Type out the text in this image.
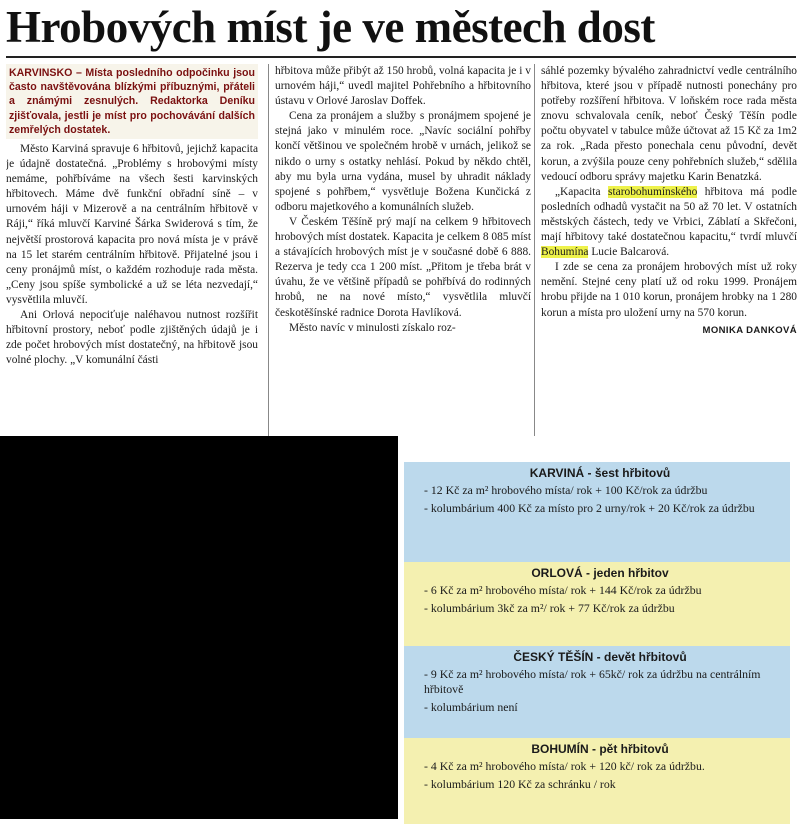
Hrobových míst je ve městech dost

KARVINSKO – Místa posledního odpočinku jsou často navštěvována blízkými příbuznými, přáteli a známými zesnulých. Redaktorka Deníku zjišťovala, jestli je míst pro pochovávání dalších zemřelých dostatek.

Město Karviná spravuje 6 hřbitovů, jejichž kapacita je údajně dostatečná. „Problémy s hrobovými místy nemáme, pohřbíváme na všech šesti karvinských hřbitovech. Máme dvě funkční obřadní síně – v urnovém háji v Mizerově a na centrálním hřbitově v Ráji,“ říká mluvčí Karviné Šárka Swiderová s tím, že největší prostorová kapacita pro nová místa je v právě na 15 let starém centrálním hřbitově. Přijatelné jsou i ceny pronájmů míst, o každém rozhoduje rada města. „Ceny jsou spíše symbolické a už se léta nezvedají,“ vysvětlila mluvčí.

Ani Orlová nepociťuje naléhavou nutnost rozšířit hřbitovní prostory, neboť podle zjištěných údajů je i zde počet hrobových míst dostatečný, na hřbitově jsou volné plochy. „V komunální části

hřbitova může přibýt až 150 hrobů, volná kapacita je i v urnovém háji,“ uvedl majitel Pohřebního a hřbitovního ústavu v Orlové Jaroslav Doffek.

Cena za pronájem a služby s pronájmem spojené je stejná jako v minulém roce. „Navíc sociální pohřby končí většinou ve společném hrobě v urnách, jelikož se nikdo o urny s ostatky nehlásí. Pokud by někdo chtěl, aby mu byla urna vydána, musel by uhradit náklady spojené s pohřbem,“ vysvětluje Božena Kunčická z odboru majetkového a komunálních služeb.

V Českém Těšíně prý mají na celkem 9 hřbitovech hrobových míst dostatek. Kapacita je celkem 8 085 míst a stávajících hrobových míst je v současné době 6 888. Rezerva je tedy cca 1 200 míst. „Přitom je třeba brát v úvahu, že ve většině případů se pohřbívá do rodinných hrobů, ne na nové místo,“ vysvětlila mluvčí českotěšínské radnice Dorota Havlíková.

Město navíc v minulosti získalo roz-

sáhlé pozemky bývalého zahradnictví vedle centrálního hřbitova, které jsou v případě nutnosti ponechány pro potřeby rozšíření hřbitova. V loňském roce rada města znovu schvalovala ceník, neboť Český Těšín podle počtu obyvatel v tabulce může účtovat až 15 Kč za 1m2 za rok. „Rada přesto ponechala cenu původní, devět korun, a zvýšila pouze ceny pohřebních služeb,“ sdělila vedoucí odboru správy majetku Karin Benatzká.

„Kapacita starobohumínského hřbitova má podle posledních odhadů vystačit na 50 až 70 let. V ostatních městských částech, tedy ve Vrbici, Záblatí a Skřečoni, mají hřbitovy také dostatečnou kapacitu,“ tvrdí mluvčí Bohumína Lucie Balcarová.

I zde se cena za pronájem hrobových míst už roky nemění. Stejné ceny platí už od roku 1999. Pronájem hrobu přijde na 1 010 korun, pronájem hrobky na 1 280 korun a místa pro uložení urny na 570 korun.

MONIKA DANKOVÁ
KARVINÁ - šest hřbitovů
- 12 Kč za m² hrobového místa/ rok + 100 Kč/rok za údržbu
- kolumbárium 400 Kč za místo pro 2 urny/rok + 20 Kč/rok za údržbu
ORLOVÁ - jeden hřbitov
- 6 Kč za m² hrobového místa/ rok + 144 Kč/rok za údržbu
- kolumbárium 3kč za m²/ rok + 77 Kč/rok za údržbu
ČESKÝ TĚŠÍN - devět hřbitovů
- 9 Kč za m² hrobového místa/ rok + 65kč/ rok za údržbu na centrálním hřbitově
- kolumbárium není
BOHUMÍN - pět hřbitovů
- 4 Kč za m² hrobového místa/ rok + 120 kč/ rok za údržbu.
- kolumbárium 120 Kč za schránku / rok
